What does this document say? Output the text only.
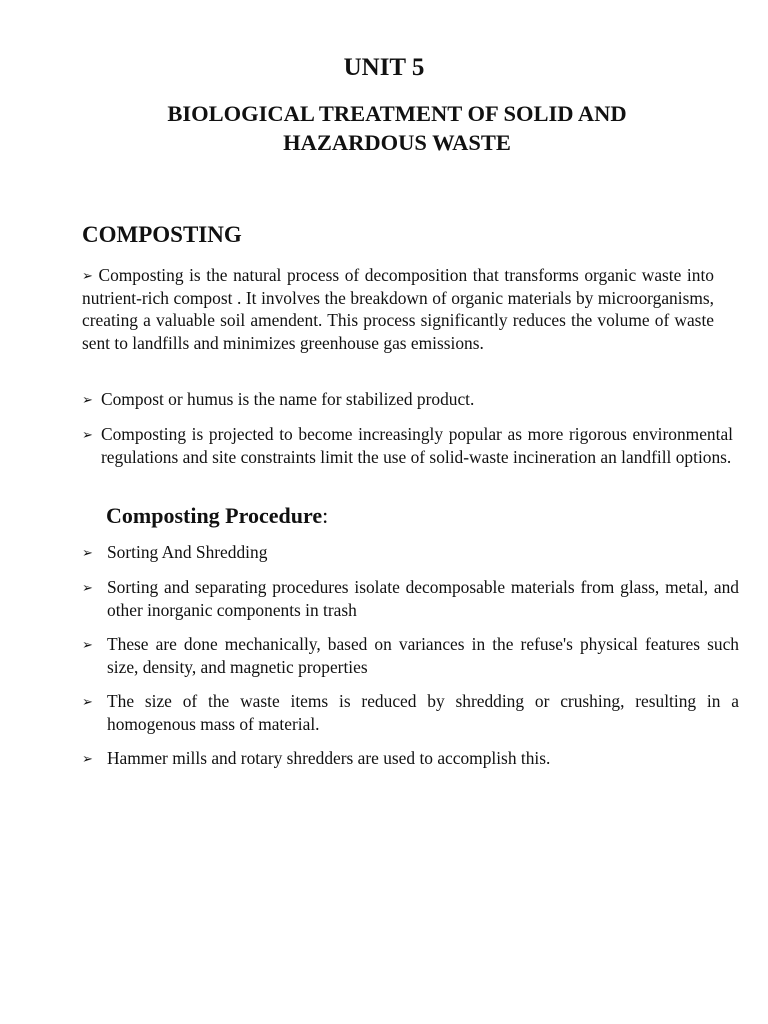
UNIT 5
BIOLOGICAL TREATMENT OF SOLID AND
HAZARDOUS WASTE
COMPOSTING

➢ Composting is the natural process of decomposition that transforms organic waste into nutrient-rich compost . It involves the breakdown of organic materials by microorganisms, creating a valuable soil amendent. This process significantly reduces the volume of waste sent to landfills and minimizes greenhouse gas emissions.

➢ Compost or humus is the name for stabilized product.

➢ Composting is projected to become increasingly popular as more rigorous environmental regulations and site constraints limit the use of solid-waste incineration an landfill options.

Composting Procedure:

➢ Sorting And Shredding

➢ Sorting and separating procedures isolate decomposable materials from glass, metal, and other inorganic components in trash

➢ These are done mechanically, based on variances in the refuse's physical features such size, density, and magnetic properties

➢ The size of the waste items is reduced by shredding or crushing, resulting in a homogenous mass of material.

➢ Hammer mills and rotary shredders are used to accomplish this.
